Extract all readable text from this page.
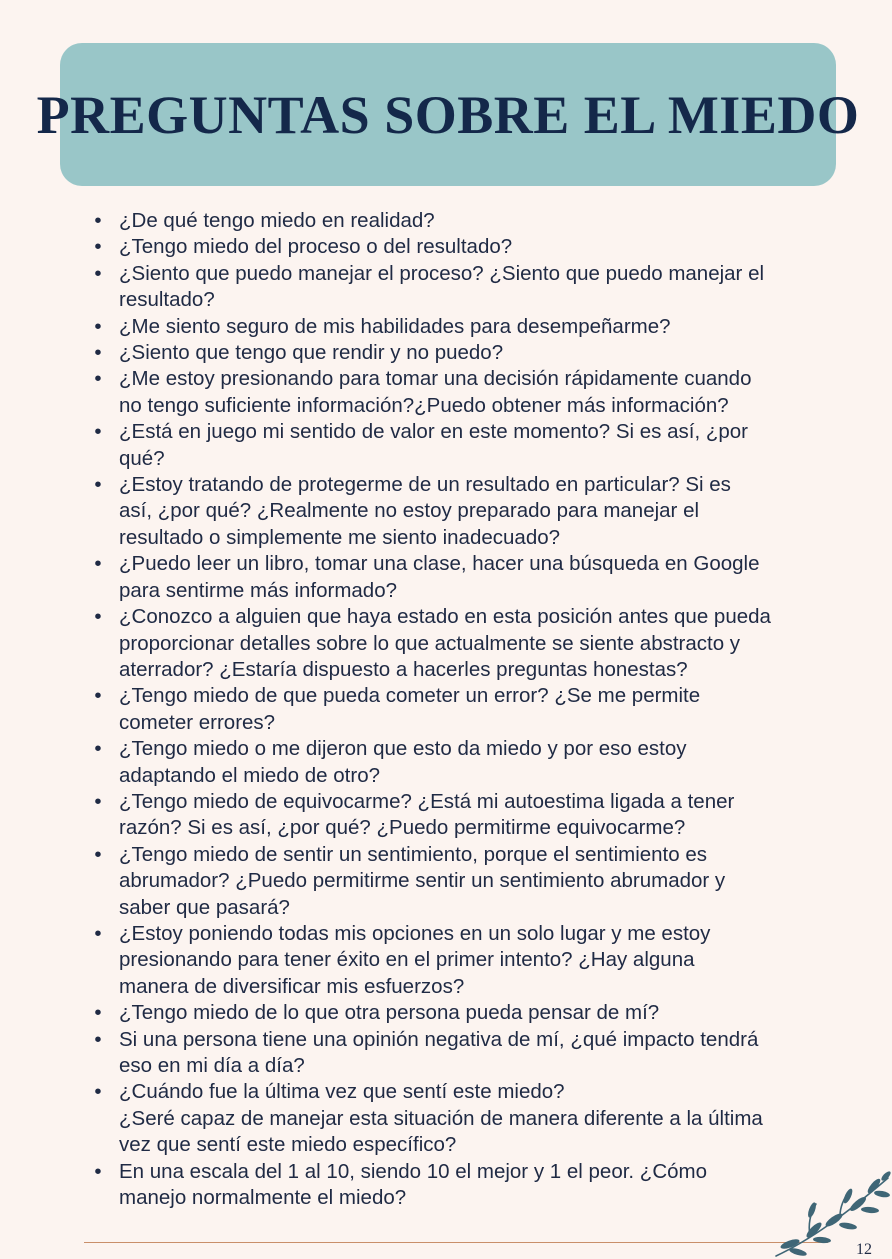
PREGUNTAS SOBRE EL MIEDO
• ¿De qué tengo miedo en realidad?
• ¿Tengo miedo del proceso o del resultado?
• ¿Siento que puedo manejar el proceso? ¿Siento que puedo manejar el
resultado?
• ¿Me siento seguro de mis habilidades para desempeñarme?
• ¿Siento que tengo que rendir y no puedo?
• ¿Me estoy presionando para tomar una decisión rápidamente cuando
no tengo suficiente información?¿Puedo obtener más información?
• ¿Está en juego mi sentido de valor en este momento? Si es así, ¿por
qué?
• ¿Estoy tratando de protegerme de un resultado en particular? Si es
así, ¿por qué? ¿Realmente no estoy preparado para manejar el
resultado o simplemente me siento inadecuado?
• ¿Puedo leer un libro, tomar una clase, hacer una búsqueda en Google
para sentirme más informado?
• ¿Conozco a alguien que haya estado en esta posición antes que pueda
proporcionar detalles sobre lo que actualmente se siente abstracto y
aterrador? ¿Estaría dispuesto a hacerles preguntas honestas?
• ¿Tengo miedo de que pueda cometer un error? ¿Se me permite
cometer errores?
• ¿Tengo miedo o me dijeron que esto da miedo y por eso estoy
adaptando el miedo de otro?
• ¿Tengo miedo de equivocarme? ¿Está mi autoestima ligada a tener
razón? Si es así, ¿por qué? ¿Puedo permitirme equivocarme?
• ¿Tengo miedo de sentir un sentimiento, porque el sentimiento es
abrumador? ¿Puedo permitirme sentir un sentimiento abrumador y
saber que pasará?
• ¿Estoy poniendo todas mis opciones en un solo lugar y me estoy
presionando para tener éxito en el primer intento? ¿Hay alguna
manera de diversificar mis esfuerzos?
• ¿Tengo miedo de lo que otra persona pueda pensar de mí?
• Si una persona tiene una opinión negativa de mí, ¿qué impacto tendrá
eso en mi día a día?
• ¿Cuándo fue la última vez que sentí este miedo?
¿Seré capaz de manejar esta situación de manera diferente a la última
vez que sentí este miedo específico?
• En una escala del 1 al 10, siendo 10 el mejor y 1 el peor. ¿Cómo
manejo normalmente el miedo?
12
